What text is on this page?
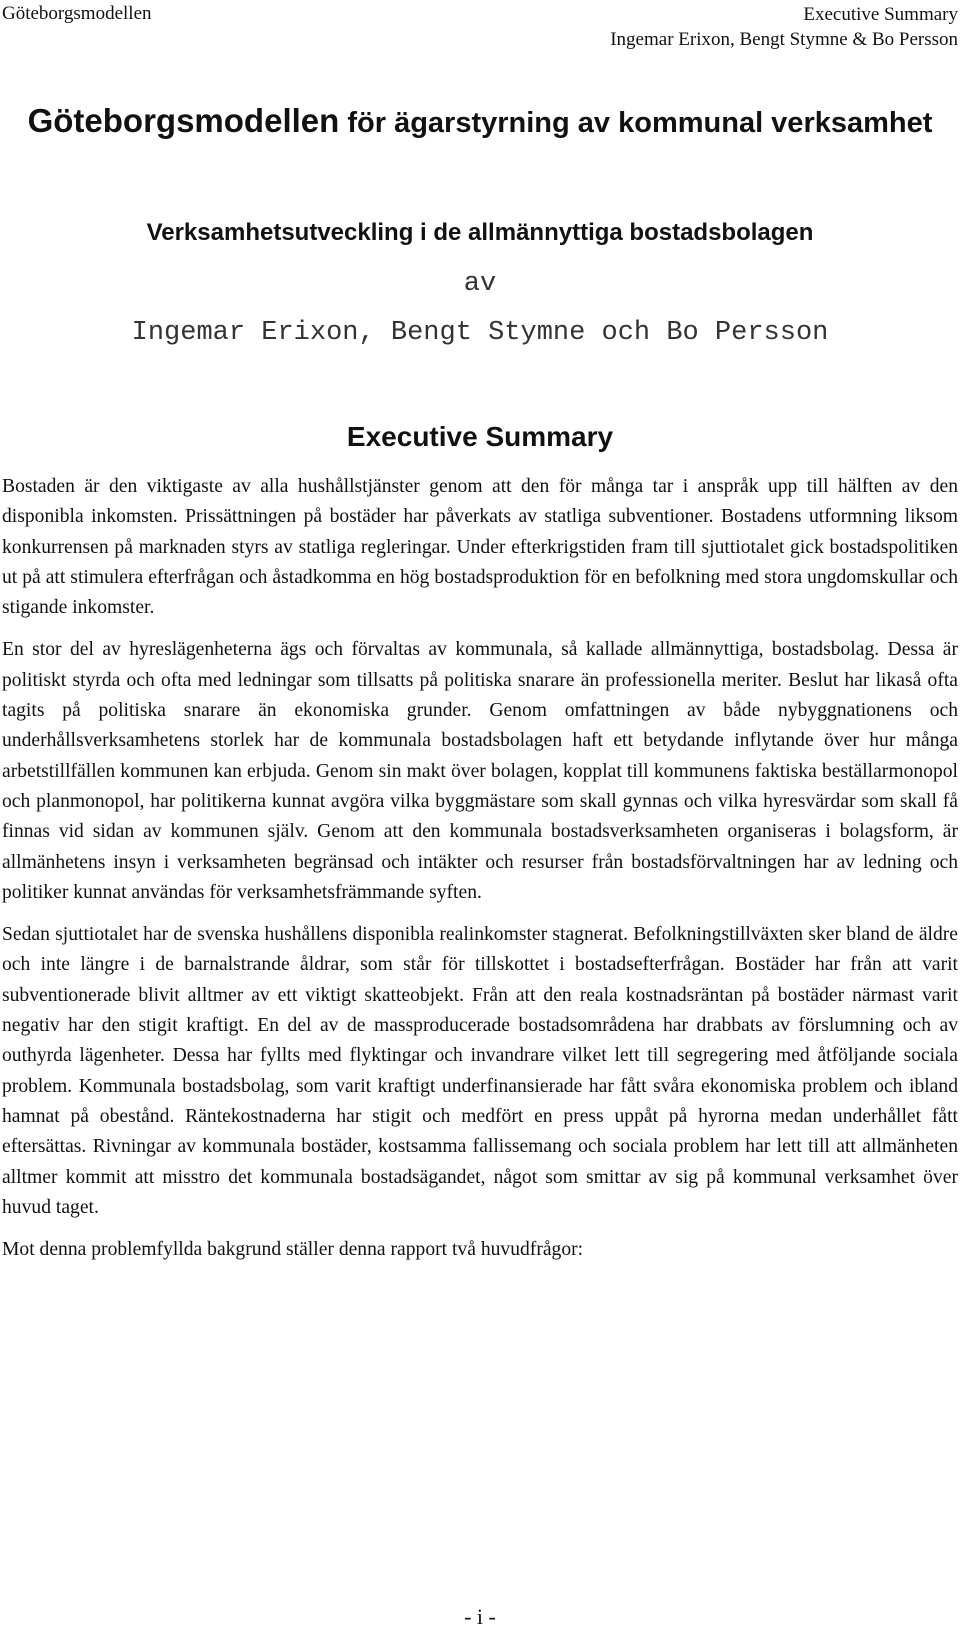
Göteborgsmodellen	Executive Summary
Ingemar Erixon, Bengt Stymne & Bo Persson
Göteborgsmodellen för ägarstyrning av kommunal verksamhet
Verksamhetsutveckling i de allmännyttiga bostadsbolagen
av
Ingemar Erixon, Bengt Stymne och Bo Persson
Executive Summary

Bostaden är den viktigaste av alla hushållstjänster genom att den för många tar i anspråk upp till hälften av den disponibla inkomsten. Prissättningen på bostäder har påverkats av statliga subventioner. Bostadens utformning liksom konkurrensen på marknaden styrs av statliga regleringar. Under efterkrigstiden fram till sjuttiotalet gick bostadspolitiken ut på att stimulera efterfrågan och åstadkomma en hög bostadsproduktion för en befolkning med stora ungdomskullar och stigande inkomster.

En stor del av hyreslägenheterna ägs och förvaltas av kommunala, så kallade allmännyttiga, bostadsbolag. Dessa är politiskt styrda och ofta med ledningar som tillsatts på politiska snarare än professionella meriter. Beslut har likaså ofta tagits på politiska snarare än ekonomiska grunder. Genom omfattningen av både nybyggnationens och underhållsverksamhetens storlek har de kommunala bostadsbolagen haft ett betydande inflytande över hur många arbetstillfällen kommunen kan erbjuda. Genom sin makt över bolagen, kopplat till kommunens faktiska beställarmonopol och planmonopol, har politikerna kunnat avgöra vilka byggmästare som skall gynnas och vilka hyresvärdar som skall få finnas vid sidan av kommunen själv. Genom att den kommunala bostadsverksamheten organiseras i bolagsform, är allmänhetens insyn i verksamheten begränsad och intäkter och resurser från bostadsförvaltningen har av ledning och politiker kunnat användas för verksamhetsfrämmande syften.

Sedan sjuttiotalet har de svenska hushållens disponibla realinkomster stagnerat. Befolkningstillväxten sker bland de äldre och inte längre i de barnalstrande åldrar, som står för tillskottet i bostadsefterfrågan. Bostäder har från att varit subventionerade blivit alltmer av ett viktigt skatteobjekt. Från att den reala kostnadsräntan på bostäder närmast varit negativ har den stigit kraftigt. En del av de massproducerade bostadsområdena har drabbats av förslumning och av outhyrda lägenheter. Dessa har fyllts med flyktingar och invandrare vilket lett till segregering med åtföljande sociala problem. Kommunala bostadsbolag, som varit kraftigt underfinansierade har fått svåra ekonomiska problem och ibland hamnat på obestånd. Räntekostnaderna har stigit och medfört en press uppåt på hyrorna medan underhållet fått eftersättas. Rivningar av kommunala bostäder, kostsamma fallissemang och sociala problem har lett till att allmänheten alltmer kommit att misstro det kommunala bostadsägandet, något som smittar av sig på kommunal verksamhet över huvud taget.

Mot denna problemfyllda bakgrund ställer denna rapport två huvudfrågor:

- i -
